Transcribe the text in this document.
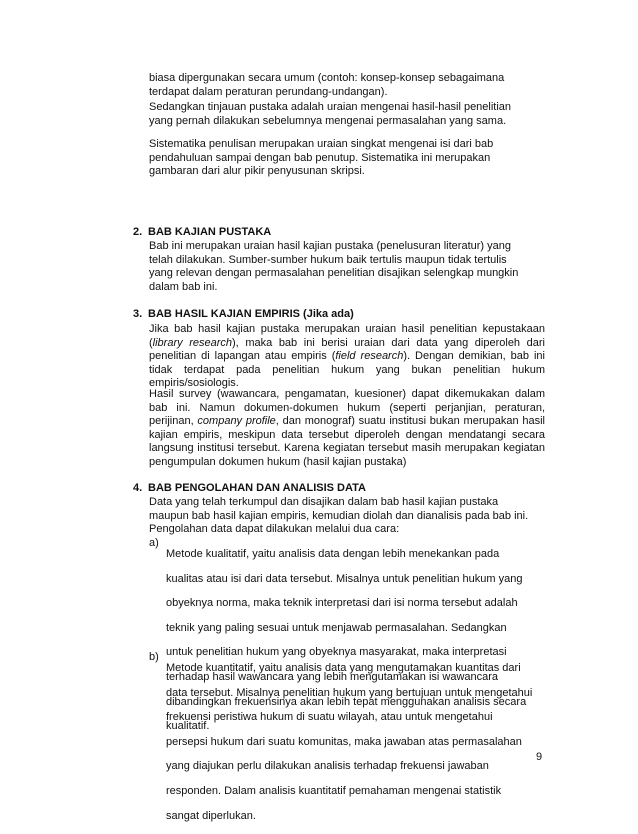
biasa dipergunakan secara umum (contoh: konsep-konsep sebagaimana

terdapat dalam peraturan perundang-undangan).

Sedangkan tinjauan pustaka adalah uraian mengenai hasil-hasil penelitian

yang pernah dilakukan sebelumnya mengenai permasalahan yang sama.

Sistematika penulisan merupakan uraian singkat mengenai isi dari bab

pendahuluan sampai dengan bab penutup. Sistematika ini merupakan

gambaran dari alur pikir penyusunan skripsi.

2. BAB KAJIAN PUSTAKA

Bab ini merupakan uraian hasil kajian pustaka (penelusuran literatur) yang

telah dilakukan. Sumber-sumber hukum baik tertulis maupun tidak tertulis

yang relevan dengan permasalahan penelitian disajikan selengkap mungkin

dalam bab ini.

3. BAB HASIL KAJIAN EMPIRIS (Jika ada)
Jika bab hasil kajian pustaka merupakan uraian hasil penelitian kepustakaan (library research), maka bab ini berisi uraian dari data yang diperoleh dari penelitian di lapangan atau empiris (field research). Dengan demikian, bab ini tidak terdapat pada penelitian hukum yang bukan penelitian hukum empiris/sosiologis.
Hasil survey (wawancara, pengamatan, kuesioner) dapat dikemukakan dalam bab ini. Namun dokumen-dokumen hukum (seperti perjanjian, peraturan, perijinan, company profile, dan monograf) suatu institusi bukan merupakan hasil kajian empiris, meskipun data tersebut diperoleh dengan mendatangi secara langsung institusi tersebut. Karena kegiatan tersebut masih merupakan kegiatan pengumpulan dokumen hukum (hasil kajian pustaka)
4. BAB PENGOLAHAN DAN ANALISIS DATA

Data yang telah terkumpul dan disajikan dalam bab hasil kajian pustaka

maupun bab hasil kajian empiris, kemudian diolah dan dianalisis pada bab ini.

Pengolahan data dapat dilakukan melalui dua cara:

a)

Metode kualitatif, yaitu analisis data dengan lebih menekankan pada

kualitas atau isi dari data tersebut. Misalnya untuk penelitian hukum yang

obyeknya norma, maka teknik interpretasi dari isi norma tersebut adalah

teknik yang paling sesuai untuk menjawab permasalahan. Sedangkan

untuk penelitian hukum yang obyeknya masyarakat, maka interpretasi

terhadap hasil wawancara yang lebih mengutamakan isi wawancara

dibandingkan frekuensinya akan lebih tepat menggunakan analisis secara

kualitatif.

b)

Metode kuantitatif, yaitu analisis data yang mengutamakan kuantitas dari

data tersebut. Misalnya penelitian hukum yang bertujuan untuk mengetahui

frekuensi peristiwa hukum di suatu wilayah, atau untuk mengetahui

persepsi hukum dari suatu komunitas, maka jawaban atas permasalahan

yang diajukan perlu dilakukan analisis terhadap frekuensi jawaban

responden. Dalam analisis kuantitatif pemahaman mengenai statistik

sangat diperlukan.

9
